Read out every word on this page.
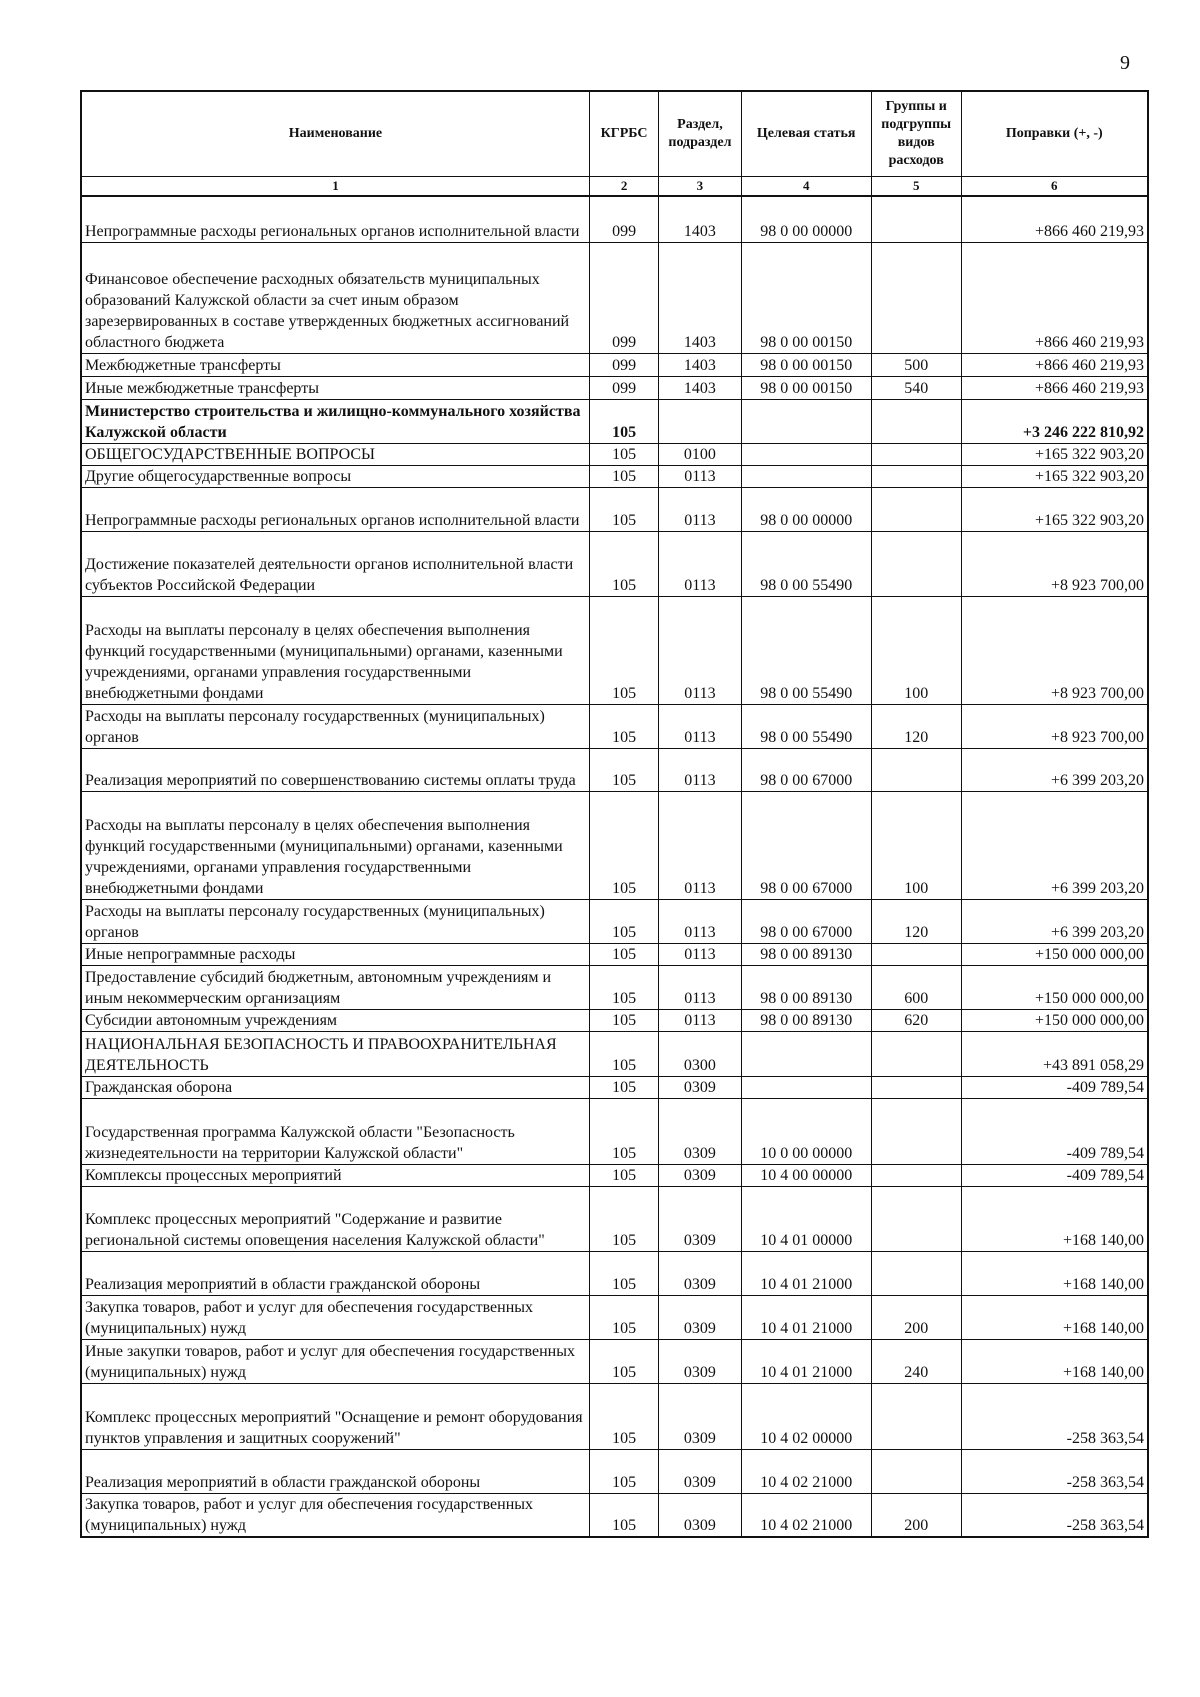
9
Наименование	КГРБС	Раздел, подраздел	Целевая статья	Группы и подгруппы видов расходов	Поправки (+, -)
1	2	3	4	5	6
Непрограммные расходы региональных органов исполнительной власти	099	1403	98 0 00 00000		+866 460 219,93
Финансовое обеспечение расходных обязательств муниципальных образований Калужской области за счет иным образом зарезервированных в составе утвержденных бюджетных ассигнований областного бюджета	099	1403	98 0 00 00150		+866 460 219,93
Межбюджетные трансферты	099	1403	98 0 00 00150	500	+866 460 219,93
Иные межбюджетные трансферты	099	1403	98 0 00 00150	540	+866 460 219,93
Министерство строительства и жилищно-коммунального хозяйства Калужской области	105				+3 246 222 810,92
ОБЩЕГОСУДАРСТВЕННЫЕ ВОПРОСЫ	105	0100			+165 322 903,20
Другие общегосударственные вопросы	105	0113			+165 322 903,20
Непрограммные расходы региональных органов исполнительной власти	105	0113	98 0 00 00000		+165 322 903,20
Достижение показателей деятельности органов исполнительной власти субъектов Российской Федерации	105	0113	98 0 00 55490		+8 923 700,00
Расходы на выплаты персоналу в целях обеспечения выполнения функций государственными (муниципальными) органами, казенными учреждениями, органами управления государственными внебюджетными фондами	105	0113	98 0 00 55490	100	+8 923 700,00
Расходы на выплаты персоналу государственных (муниципальных) органов	105	0113	98 0 00 55490	120	+8 923 700,00
Реализация мероприятий по совершенствованию системы оплаты труда	105	0113	98 0 00 67000		+6 399 203,20
Расходы на выплаты персоналу в целях обеспечения выполнения функций государственными (муниципальными) органами, казенными учреждениями, органами управления государственными внебюджетными фондами	105	0113	98 0 00 67000	100	+6 399 203,20
Расходы на выплаты персоналу государственных (муниципальных) органов	105	0113	98 0 00 67000	120	+6 399 203,20
Иные непрограммные расходы	105	0113	98 0 00 89130		+150 000 000,00
Предоставление субсидий бюджетным, автономным учреждениям и иным некоммерческим организациям	105	0113	98 0 00 89130	600	+150 000 000,00
Субсидии автономным учреждениям	105	0113	98 0 00 89130	620	+150 000 000,00
НАЦИОНАЛЬНАЯ БЕЗОПАСНОСТЬ И ПРАВООХРАНИТЕЛЬНАЯ ДЕЯТЕЛЬНОСТЬ	105	0300			+43 891 058,29
Гражданская оборона	105	0309			-409 789,54
Государственная программа Калужской области "Безопасность жизнедеятельности на территории Калужской области"	105	0309	10 0 00 00000		-409 789,54
Комплексы процессных мероприятий	105	0309	10 4 00 00000		-409 789,54
Комплекс процессных мероприятий "Содержание и развитие региональной системы оповещения населения Калужской области"	105	0309	10 4 01 00000		+168 140,00
Реализация мероприятий в области гражданской обороны	105	0309	10 4 01 21000		+168 140,00
Закупка товаров, работ и услуг для обеспечения государственных (муниципальных) нужд	105	0309	10 4 01 21000	200	+168 140,00
Иные закупки товаров, работ и услуг для обеспечения государственных (муниципальных) нужд	105	0309	10 4 01 21000	240	+168 140,00
Комплекс процессных мероприятий "Оснащение и ремонт оборудования пунктов управления и защитных сооружений"	105	0309	10 4 02 00000		-258 363,54
Реализация мероприятий в области гражданской обороны	105	0309	10 4 02 21000		-258 363,54
Закупка товаров, работ и услуг для обеспечения государственных (муниципальных) нужд	105	0309	10 4 02 21000	200	-258 363,54
